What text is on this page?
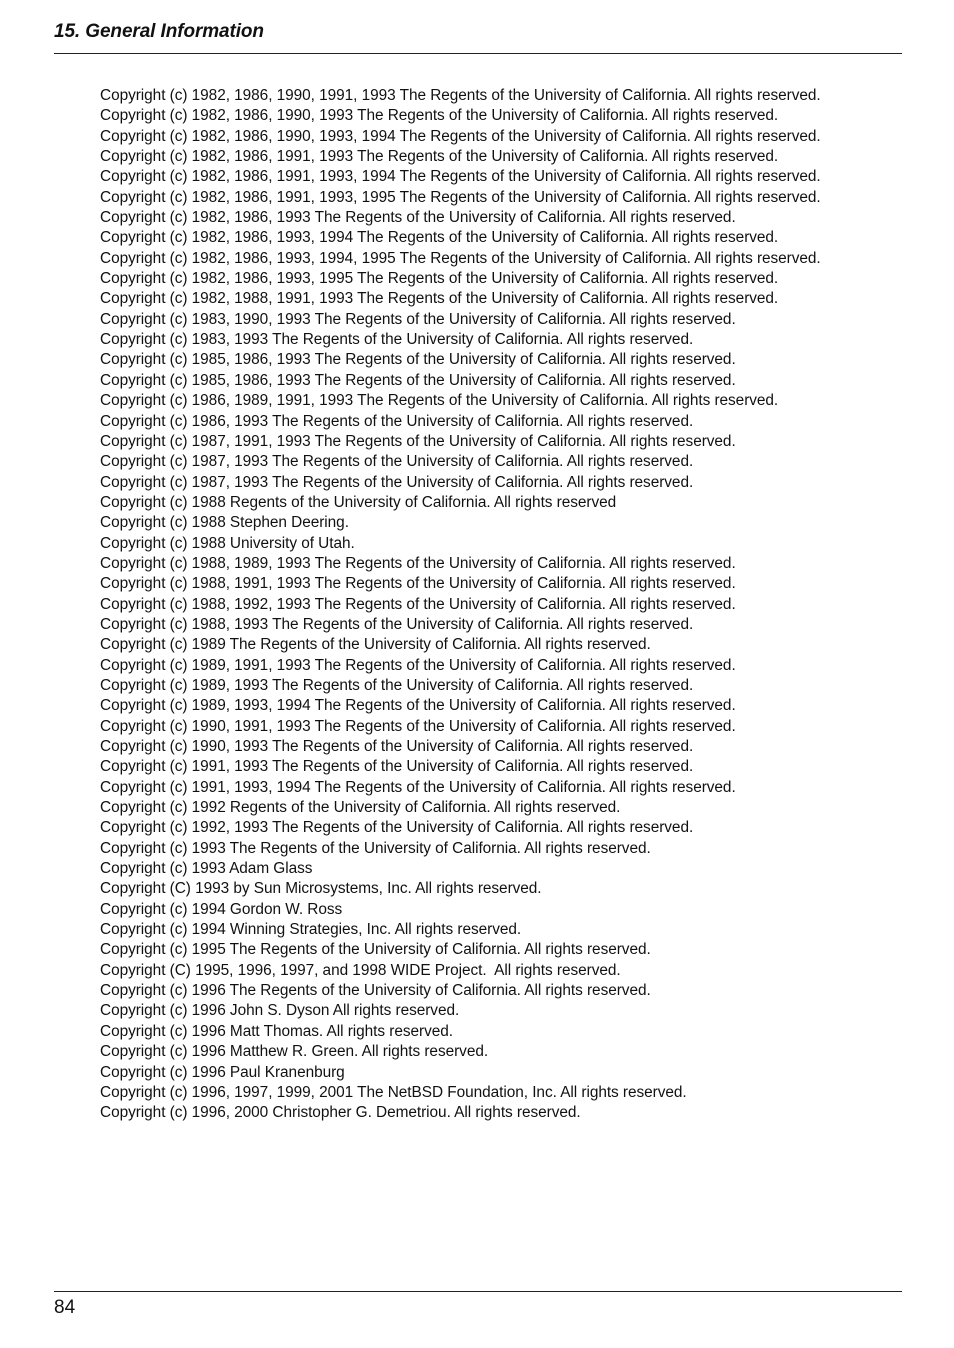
15. General Information
Copyright (c) 1982, 1986, 1990, 1991, 1993 The Regents of the University of California. All rights reserved.
Copyright (c) 1982, 1986, 1990, 1993 The Regents of the University of California. All rights reserved.
Copyright (c) 1982, 1986, 1990, 1993, 1994 The Regents of the University of California. All rights reserved.
Copyright (c) 1982, 1986, 1991, 1993 The Regents of the University of California. All rights reserved.
Copyright (c) 1982, 1986, 1991, 1993, 1994 The Regents of the University of California. All rights reserved.
Copyright (c) 1982, 1986, 1991, 1993, 1995 The Regents of the University of California. All rights reserved.
Copyright (c) 1982, 1986, 1993 The Regents of the University of California. All rights reserved.
Copyright (c) 1982, 1986, 1993, 1994 The Regents of the University of California. All rights reserved.
Copyright (c) 1982, 1986, 1993, 1994, 1995 The Regents of the University of California. All rights reserved.
Copyright (c) 1982, 1986, 1993, 1995 The Regents of the University of California. All rights reserved.
Copyright (c) 1982, 1988, 1991, 1993 The Regents of the University of California. All rights reserved.
Copyright (c) 1983, 1990, 1993 The Regents of the University of California. All rights reserved.
Copyright (c) 1983, 1993 The Regents of the University of California. All rights reserved.
Copyright (c) 1985, 1986, 1993 The Regents of the University of California. All rights reserved.
Copyright (c) 1985, 1986, 1993 The Regents of the University of California. All rights reserved.
Copyright (c) 1986, 1989, 1991, 1993 The Regents of the University of California. All rights reserved.
Copyright (c) 1986, 1993 The Regents of the University of California. All rights reserved.
Copyright (c) 1987, 1991, 1993 The Regents of the University of California. All rights reserved.
Copyright (c) 1987, 1993 The Regents of the University of California. All rights reserved.
Copyright (c) 1987, 1993 The Regents of the University of California. All rights reserved.
Copyright (c) 1988 Regents of the University of California. All rights reserved
Copyright (c) 1988 Stephen Deering.
Copyright (c) 1988 University of Utah.
Copyright (c) 1988, 1989, 1993 The Regents of the University of California. All rights reserved.
Copyright (c) 1988, 1991, 1993 The Regents of the University of California. All rights reserved.
Copyright (c) 1988, 1992, 1993 The Regents of the University of California. All rights reserved.
Copyright (c) 1988, 1993 The Regents of the University of California. All rights reserved.
Copyright (c) 1989 The Regents of the University of California. All rights reserved.
Copyright (c) 1989, 1991, 1993 The Regents of the University of California. All rights reserved.
Copyright (c) 1989, 1993 The Regents of the University of California. All rights reserved.
Copyright (c) 1989, 1993, 1994 The Regents of the University of California. All rights reserved.
Copyright (c) 1990, 1991, 1993 The Regents of the University of California. All rights reserved.
Copyright (c) 1990, 1993 The Regents of the University of California. All rights reserved.
Copyright (c) 1991, 1993 The Regents of the University of California. All rights reserved.
Copyright (c) 1991, 1993, 1994 The Regents of the University of California. All rights reserved.
Copyright (c) 1992 Regents of the University of California. All rights reserved.
Copyright (c) 1992, 1993 The Regents of the University of California. All rights reserved.
Copyright (c) 1993 The Regents of the University of California. All rights reserved.
Copyright (c) 1993 Adam Glass
Copyright (C) 1993 by Sun Microsystems, Inc. All rights reserved.
Copyright (c) 1994 Gordon W. Ross
Copyright (c) 1994 Winning Strategies, Inc. All rights reserved.
Copyright (c) 1995 The Regents of the University of California. All rights reserved.
Copyright (C) 1995, 1996, 1997, and 1998 WIDE Project.  All rights reserved.
Copyright (c) 1996 The Regents of the University of California. All rights reserved.
Copyright (c) 1996 John S. Dyson All rights reserved.
Copyright (c) 1996 Matt Thomas. All rights reserved.
Copyright (c) 1996 Matthew R. Green. All rights reserved.
Copyright (c) 1996 Paul Kranenburg
Copyright (c) 1996, 1997, 1999, 2001 The NetBSD Foundation, Inc. All rights reserved.
Copyright (c) 1996, 2000 Christopher G. Demetriou. All rights reserved.
84
